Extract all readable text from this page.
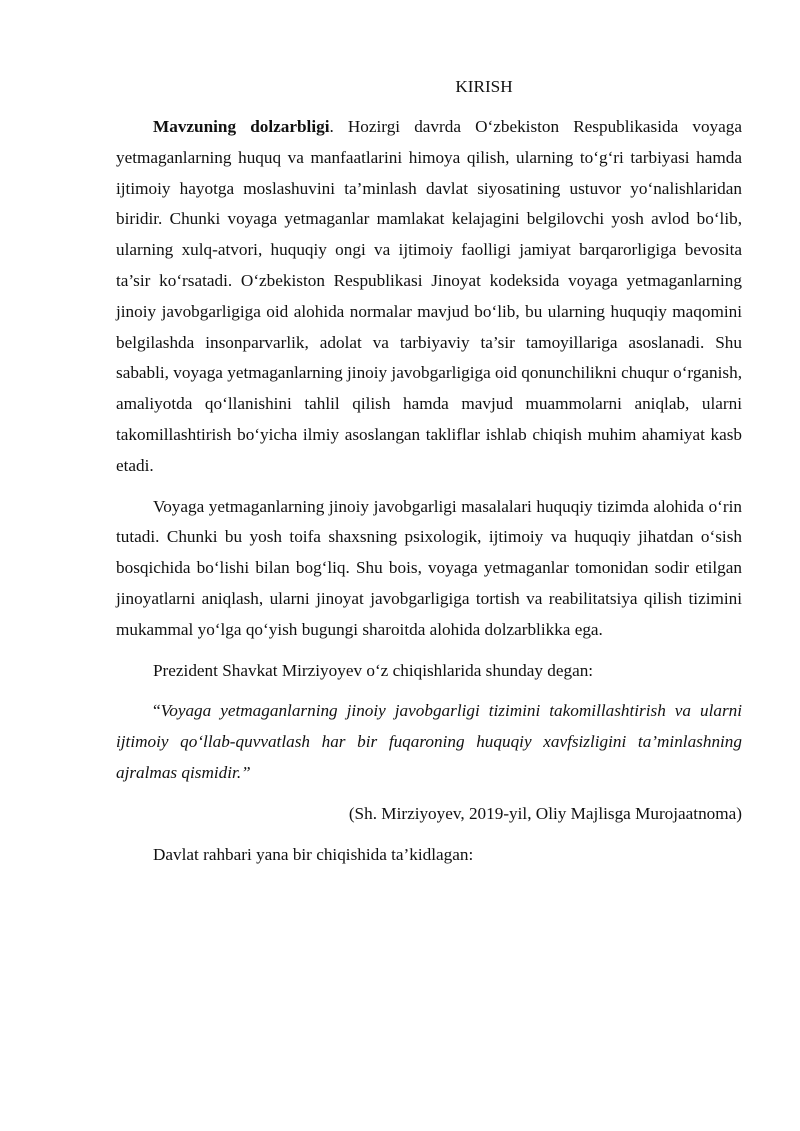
KIRISH

Mavzuning dolzarbligi. Hozirgi davrda O‘zbekiston Respublikasida voyaga yetmaganlarning huquq va manfaatlarini himoya qilish, ularning to‘g‘ri tarbiyasi hamda ijtimoiy hayotga moslashuvini ta’minlash davlat siyosatining ustuvor yo‘nalishlaridan biridir. Chunki voyaga yetmaganlar mamlakat kelajagini belgilovchi yosh avlod bo‘lib, ularning xulq-atvori, huquqiy ongi va ijtimoiy faolligi jamiyat barqarorligiga bevosita ta’sir ko‘rsatadi. O‘zbekiston Respublikasi Jinoyat kodeksida voyaga yetmaganlarning jinoiy javobgarligiga oid alohida normalar mavjud bo‘lib, bu ularning huquqiy maqomini belgilashda insonparvarlik, adolat va tarbiyaviy ta’sir tamoyillariga asoslanadi. Shu sababli, voyaga yetmaganlarning jinoiy javobgarligiga oid qonunchilikni chuqur o‘rganish, amaliyotda qo‘llanishini tahlil qilish hamda mavjud muammolarni aniqlab, ularni takomillashtirish bo‘yicha ilmiy asoslangan takliflar ishlab chiqish muhim ahamiyat kasb etadi.

Voyaga yetmaganlarning jinoiy javobgarligi masalalari huquqiy tizimda alohida o‘rin tutadi. Chunki bu yosh toifa shaxsning psixologik, ijtimoiy va huquqiy jihatdan o‘sish bosqichida bo‘lishi bilan bog‘liq. Shu bois, voyaga yetmaganlar tomonidan sodir etilgan jinoyatlarni aniqlash, ularni jinoyat javobgarligiga tortish va reabilitatsiya qilish tizimini mukammal yo‘lga qo‘yish bugungi sharoitda alohida dolzarblikka ega.

Prezident Shavkat Mirziyoyev o‘z chiqishlarida shunday degan:

“Voyaga yetmaganlarning jinoiy javobgarligi tizimini takomillashtirish va ularni ijtimoiy qo‘llab-quvvatlash har bir fuqaroning huquqiy xavfsizligini ta’minlashning ajralmas qismidir.”

(Sh. Mirziyoyev, 2019-yil, Oliy Majlisga Murojaatnoma)

Davlat rahbari yana bir chiqishida ta’kidlagan:
